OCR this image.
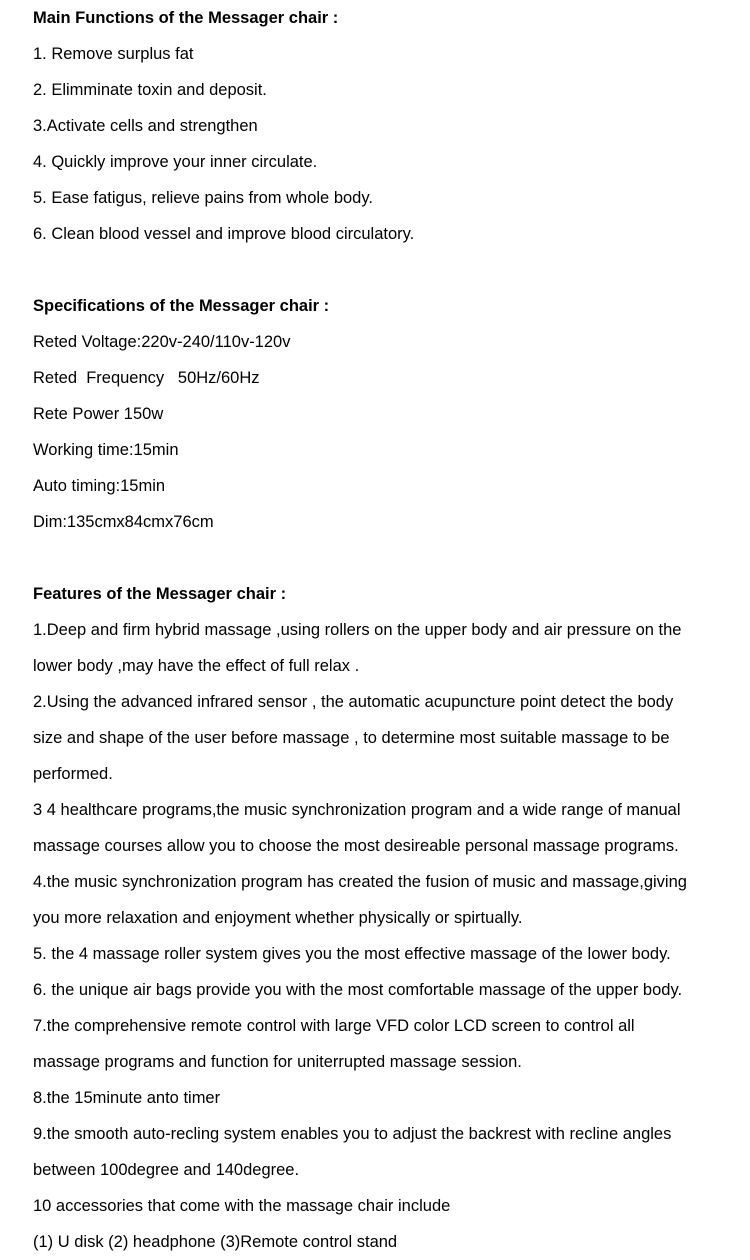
Main Functions of the Messager chair :
1. Remove surplus fat
2. Elimminate toxin and deposit.
3.Activate cells and strengthen
4. Quickly improve your inner circulate.
5. Ease fatigus, relieve pains from whole body.
6. Clean blood vessel and improve blood circulatory.
Specifications of the Messager chair :
Reted Voltage:220v-240/110v-120v
Reted  Frequency   50Hz/60Hz
Rete Power 150w
Working time:15min
Auto timing:15min
Dim:135cmx84cmx76cm
Features of the Messager chair :
1.Deep and firm hybrid massage ,using rollers on the upper body and air pressure on the
lower body ,may have the effect of full relax .
2.Using the advanced infrared sensor , the automatic acupuncture point detect the body
size and shape of the user before massage , to determine most suitable massage to be
performed.
3 4 healthcare programs,the music synchronization program and a wide range of manual
massage courses allow you to choose the most desireable personal massage programs.
4.the music synchronization program has created the fusion of music and massage,giving
you more relaxation and enjoyment whether physically or spirtually.
5. the 4 massage roller system gives you the most effective massage of the lower body.
6. the unique air bags provide you with the most comfortable massage of the upper body.
7.the comprehensive remote control with large VFD color LCD screen to control all
massage programs and function for uniterrupted massage session.
8.the 15minute anto timer
9.the smooth auto-recling system enables you to adjust the backrest with recline angles
between 100degree and 140degree.
10 accessories that come with the massage chair include
(1) U disk (2) headphone (3)Remote control stand
